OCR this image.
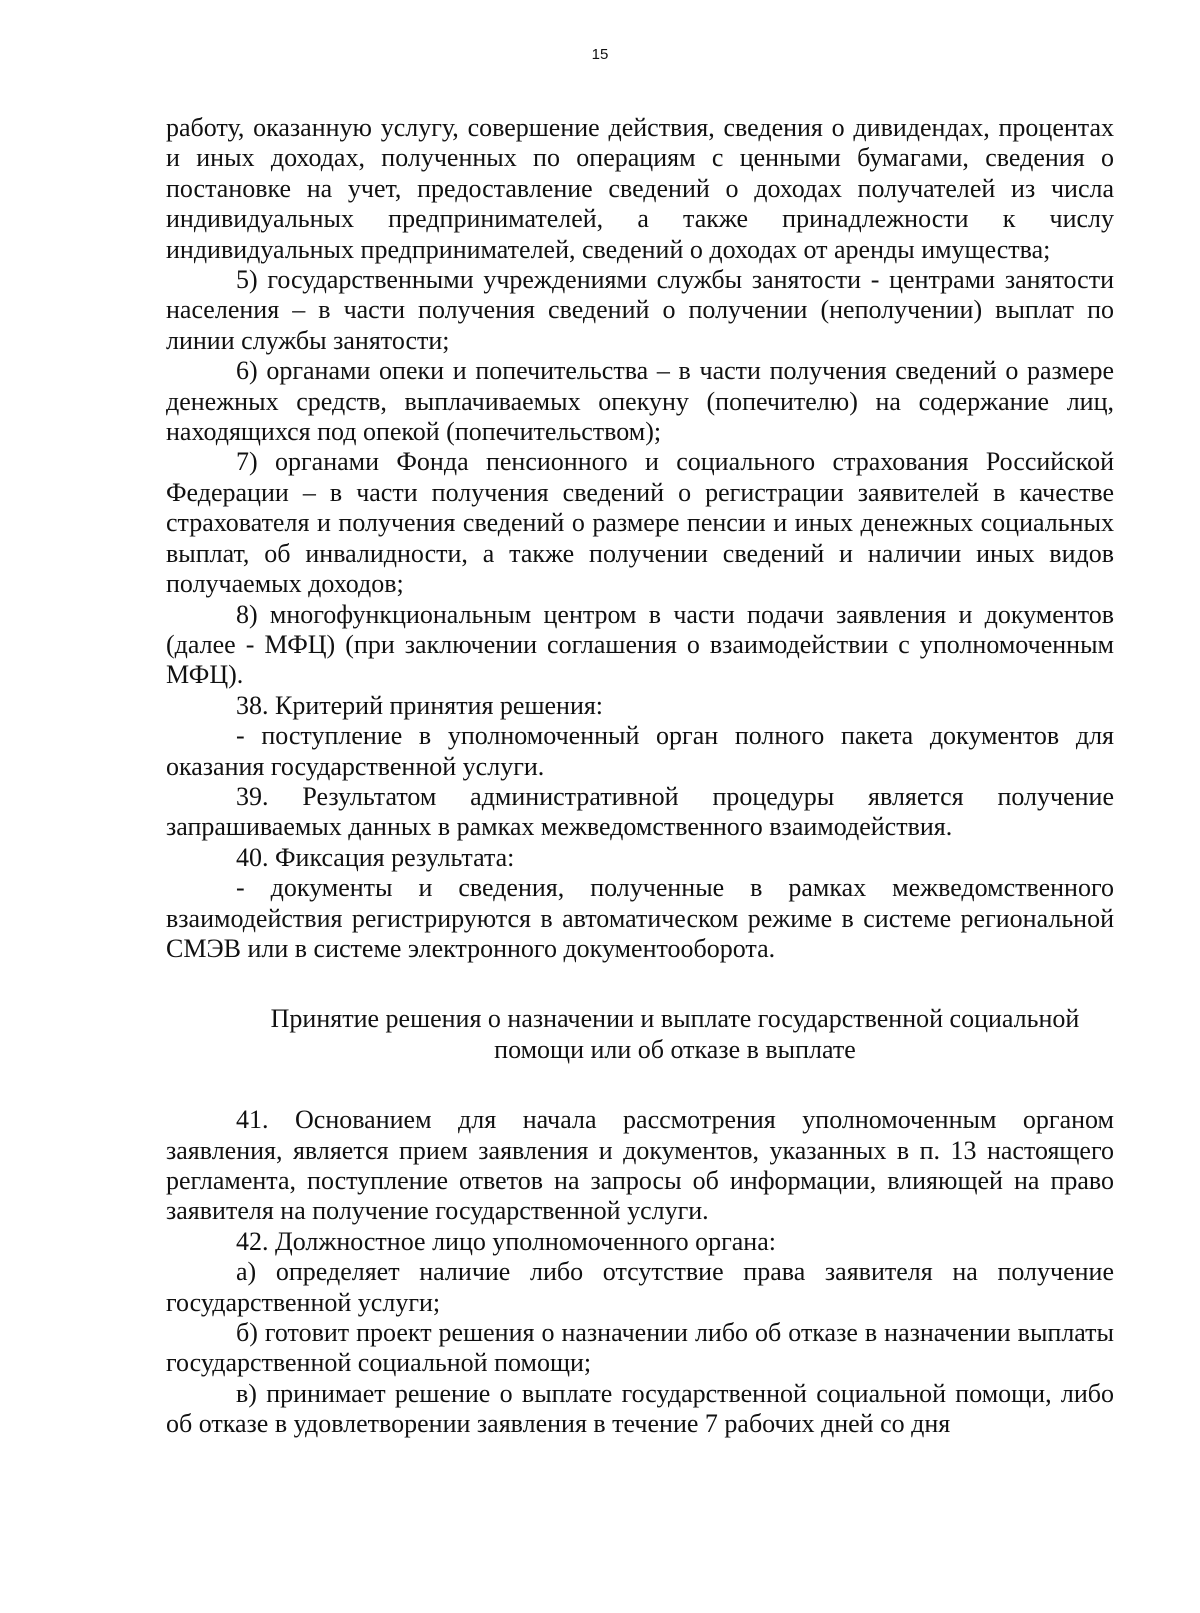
15

работу, оказанную услугу, совершение действия, сведения о дивидендах, процентах и иных доходах, полученных по операциям с ценными бумагами, сведения о постановке на учет, предоставление сведений о доходах получателей из числа индивидуальных предпринимателей, а также принадлежности к числу индивидуальных предпринимателей, сведений о доходах от аренды имущества;

5) государственными учреждениями службы занятости - центрами занятости населения – в части получения сведений о получении (неполучении) выплат по линии службы занятости;

6) органами опеки и попечительства – в части получения сведений о размере денежных средств, выплачиваемых опекуну (попечителю) на содержание лиц, находящихся под опекой (попечительством);

7) органами Фонда пенсионного и социального страхования Российской Федерации – в части получения сведений о регистрации заявителей в качестве страхователя и получения сведений о размере пенсии и иных денежных социальных выплат, об инвалидности, а также получении сведений и наличии иных видов получаемых доходов;

8) многофункциональным центром в части подачи заявления и документов (далее - МФЦ) (при заключении соглашения о взаимодействии с уполномоченным МФЦ).

38. Критерий принятия решения:

- поступление в уполномоченный орган полного пакета документов для оказания государственной услуги.

39. Результатом административной процедуры является получение запрашиваемых данных в рамках межведомственного взаимодействия.

40. Фиксация результата:

- документы и сведения, полученные в рамках межведомственного взаимодействия регистрируются в автоматическом режиме в системе региональной СМЭВ или в системе электронного документооборота.

Принятие решения о назначении и выплате государственной социальной
помощи или об отказе в выплате

41. Основанием для начала рассмотрения уполномоченным органом заявления, является прием заявления и документов, указанных в п. 13 настоящего регламента, поступление ответов на запросы об информации, влияющей на право заявителя на получение государственной услуги.

42. Должностное лицо уполномоченного органа:

а) определяет наличие либо отсутствие права заявителя на получение государственной услуги;

б) готовит проект решения о назначении либо об отказе в назначении выплаты государственной социальной помощи;

в) принимает решение о выплате государственной социальной помощи, либо об отказе в удовлетворении заявления в течение 7 рабочих дней со дня
